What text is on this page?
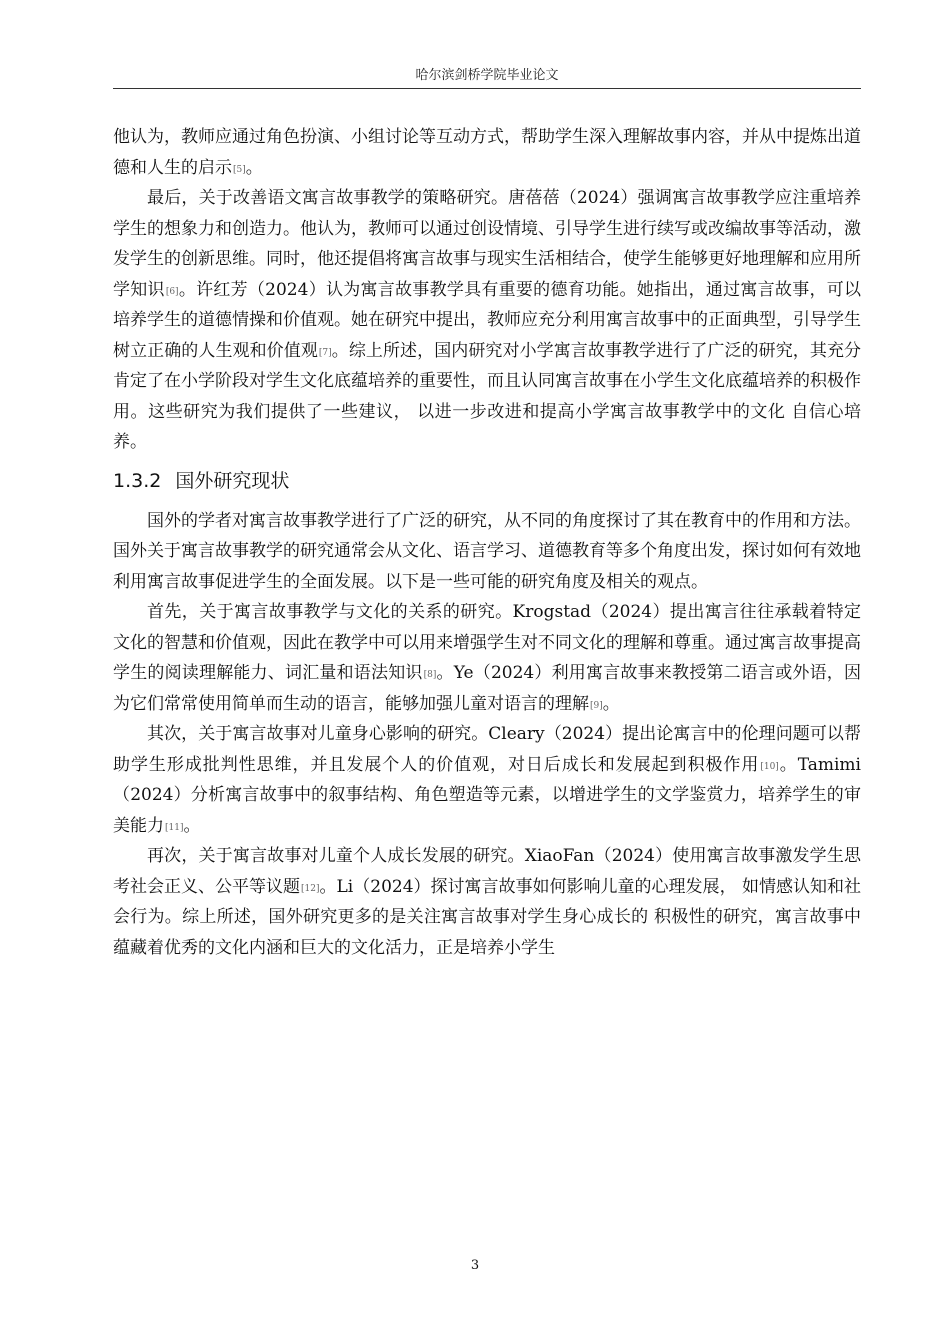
哈尔滨剑桥学院毕业论文

他认为，教师应通过角色扮演、小组讨论等互动方式，帮助学生深入理解故事内容，并从中提炼出道德和人生的启示[5]。

最后，关于改善语文寓言故事教学的策略研究。唐蓓蓓（2024）强调寓言故事教学应注重培养学生的想象力和创造力。他认为，教师可以通过创设情境、引导学生进行续写或改编故事等活动，激发学生的创新思维。同时，他还提倡将寓言故事与现实生活相结合，使学生能够更好地理解和应用所学知识[6]。许红芳（2024）认为寓言故事教学具有重要的德育功能。她指出，通过寓言故事，可以培养学生的道德情操和价值观。她在研究中提出，教师应充分利用寓言故事中的正面典型，引导学生树立正确的人生观和价值观[7]。综上所述，国内研究对小学寓言故事教学进行了广泛的研究，其充分肯定了在小学阶段对学生文化底蕴培养的重要性，而且认同寓言故事在小学生文化底蕴培养的积极作用。这些研究为我们提供了一些建议， 以进一步改进和提高小学寓言故事教学中的文化 自信心培养。

1.3.2 国外研究现状

国外的学者对寓言故事教学进行了广泛的研究，从不同的角度探讨了其在教育中的作用和方法。国外关于寓言故事教学的研究通常会从文化、语言学习、道德教育等多个角度出发，探讨如何有效地利用寓言故事促进学生的全面发展。以下是一些可能的研究角度及相关的观点。

首先，关于寓言故事教学与文化的关系的研究。Krogstad（2024）提出寓言往往承载着特定文化的智慧和价值观，因此在教学中可以用来增强学生对不同文化的理解和尊重。通过寓言故事提高学生的阅读理解能力、词汇量和语法知识[8]。Ye（2024）利用寓言故事来教授第二语言或外语，因为它们常常使用简单而生动的语言，能够加强儿童对语言的理解[9]。

其次，关于寓言故事对儿童身心影响的研究。Cleary（2024）提出论寓言中的伦理问题可以帮助学生形成批判性思维，并且发展个人的价值观，对日后成长和发展起到积极作用[10]。Tamimi（2024）分析寓言故事中的叙事结构、角色塑造等元素，以增进学生的文学鉴赏力，培养学生的审美能力[11]。

再次，关于寓言故事对儿童个人成长发展的研究。XiaoFan（2024）使用寓言故事激发学生思考社会正义、公平等议题[12]。Li（2024）探讨寓言故事如何影响儿童的心理发展， 如情感认知和社会行为。综上所述，国外研究更多的是关注寓言故事对学生身心成长的 积极性的研究，寓言故事中蕴藏着优秀的文化内涵和巨大的文化活力，正是培养小学生

3
